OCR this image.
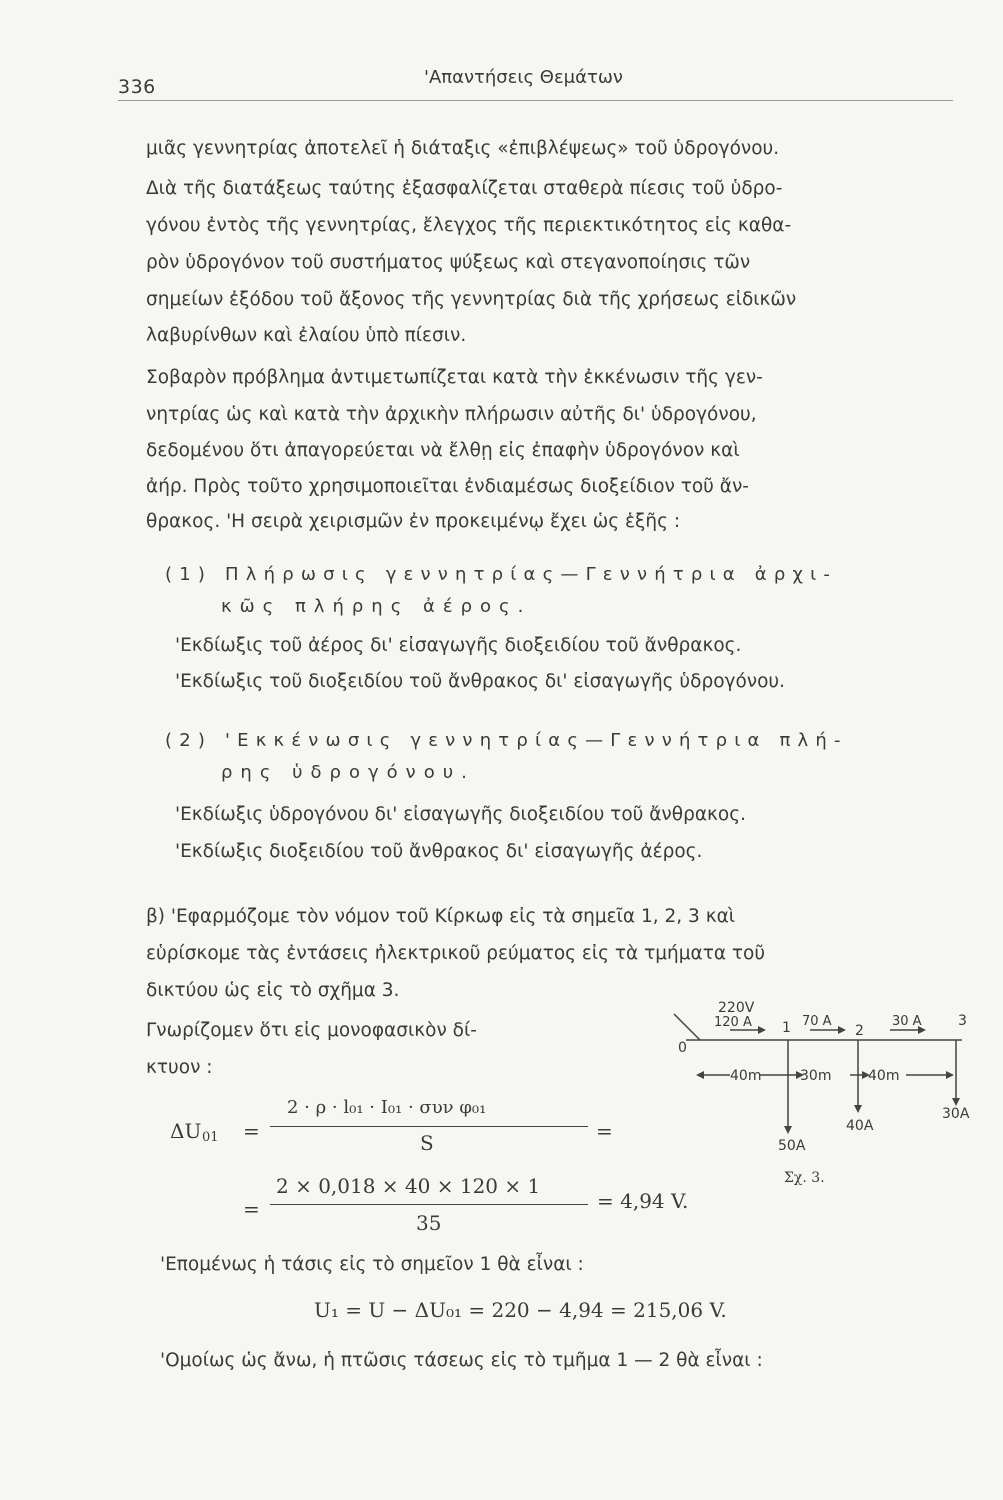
336	'Απαντήσεις Θεμάτων
μιᾶς γεννητρίας ἀποτελεῖ ἡ διάταξις «ἐπιβλέψεως» τοῦ ὑδρογόνου.
Διὰ τῆς διατάξεως ταύτης ἐξασφαλίζεται σταθερὰ πίεσις τοῦ ὑδρο-
γόνου ἐντὸς τῆς γεννητρίας, ἔλεγχος τῆς περιεκτικότητος εἰς καθα-
ρὸν ὑδρογόνον τοῦ συστήματος ψύξεως καὶ στεγανοποίησις τῶν
σημείων ἐξόδου τοῦ ἄξονος τῆς γεννητρίας διὰ τῆς χρήσεως εἰδικῶν
λαβυρίνθων καὶ ἐλαίου ὑπὸ πίεσιν.
Σοβαρὸν πρόβλημα ἀντιμετωπίζεται κατὰ τὴν ἐκκένωσιν τῆς γεν-
νητρίας ὡς καὶ κατὰ τὴν ἀρχικὴν πλήρωσιν αὐτῆς δι' ὑδρογόνου,
δεδομένου ὅτι ἀπαγορεύεται νὰ ἔλθῃ εἰς ἐπαφὴν ὑδρογόνον καὶ
ἀήρ. Πρὸς τοῦτο χρησιμοποιεῖται ἐνδιαμέσως διοξείδιον τοῦ ἄν-
θρακος. 'Η σειρὰ χειρισμῶν ἐν προκειμένῳ ἔχει ὡς ἑξῆς :
(1) Πλήρωσις γεννητρίας—Γεννήτρια ἀρχι-
κῶς πλήρης ἀέρος.
'Εκδίωξις τοῦ ἀέρος δι' εἰσαγωγῆς διοξειδίου τοῦ ἄνθρακος.
'Εκδίωξις τοῦ διοξειδίου τοῦ ἄνθρακος δι' εἰσαγωγῆς ὑδρογόνου.
(2) 'Εκκένωσις γεννητρίας—Γεννήτρια πλή-
ρης ὑδρογόνου.
'Εκδίωξις ὑδρογόνου δι' εἰσαγωγῆς διοξειδίου τοῦ ἄνθρακος.
'Εκδίωξις διοξειδίου τοῦ ἄνθρακος δι' εἰσαγωγῆς ἀέρος.
β) 'Εφαρμόζομε τὸν νόμον τοῦ Κίρκωφ εἰς τὰ σημεῖα 1, 2, 3 καὶ
εὑρίσκομε τὰς ἐντάσεις ἠλεκτρικοῦ ρεύματος εἰς τὰ τμήματα τοῦ
δικτύου ὡς εἰς τὸ σχῆμα 3.
Γνωρίζομεν ὅτι εἰς μονοφασικὸν δί-
κτυον :
ΔU 01 =
2 · ρ · l₀₁ · I₀₁ · συν φ₀₁
S	=
=
2 × 0,018 × 40 × 120 × 1
35
= 4,94 V.
220V
0
1	2
3
120 A	70 A	30 A
40m	30m	40m
50A
40A
30A
Σχ. 3.
'Επομένως ἡ τάσις εἰς τὸ σημεῖον 1 θὰ εἶναι :
U₁ = U − ΔU₀₁ = 220 − 4,94 = 215,06 V.
'Ομοίως ὡς ἄνω, ἡ πτῶσις τάσεως εἰς τὸ τμῆμα 1 — 2 θὰ εἶναι :
